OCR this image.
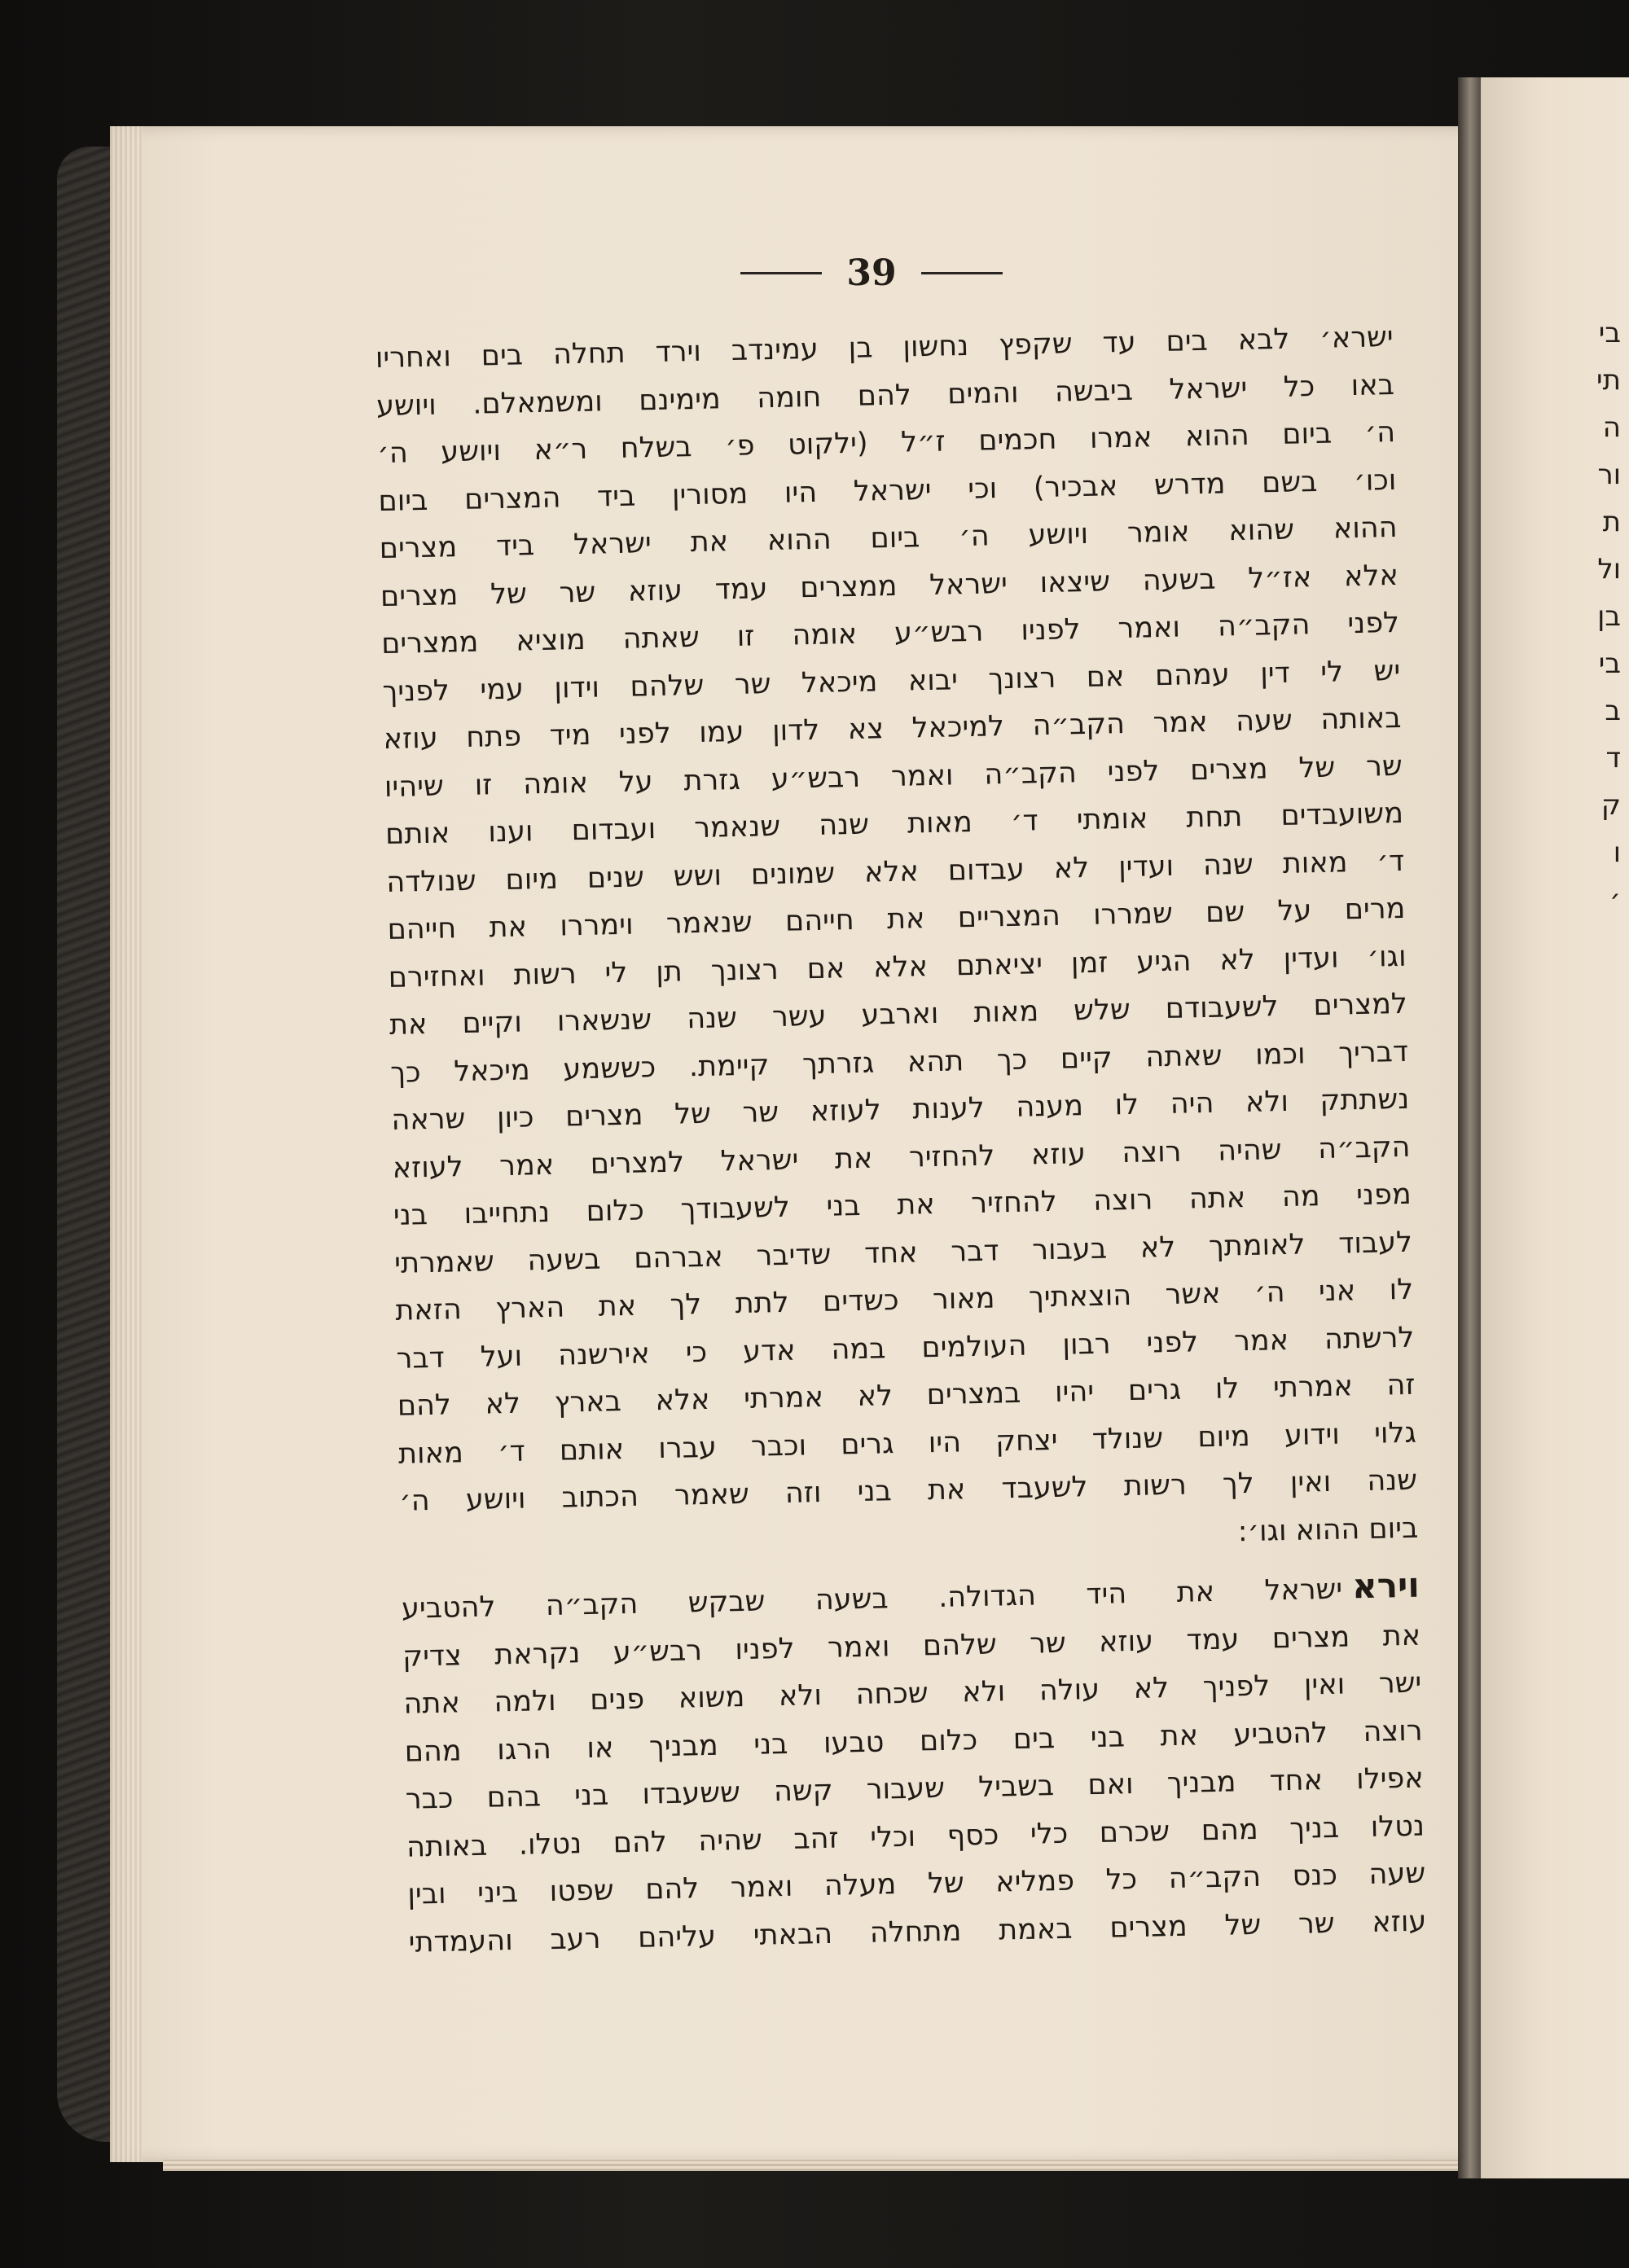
39
ישרא׳ לבא בים עד שקפץ נחשון בן עמינדב וירד תחלה בים ואחריו
באו כל ישראל ביבשה והמים להם חומה מימינם ומשמאלם. ויושע
ה׳ ביום ההוא אמרו חכמים ז״ל (ילקוט פ׳ בשלח ר״א ויושע ה׳
וכו׳ בשם מדרש אבכיר) וכי ישראל היו מסורין ביד המצרים ביום
ההוא שהוא אומר ויושע ה׳ ביום ההוא את ישראל ביד מצרים
אלא אז״ל בשעה שיצאו ישראל ממצרים עמד עוזא שר של מצרים
לפני הקב״ה ואמר לפניו רבש״ע אומה זו שאתה מוציא ממצרים
יש לי דין עמהם אם רצונך יבוא מיכאל שר שלהם וידון עמי לפניך
באותה שעה אמר הקב״ה למיכאל צא לדון עמו לפני מיד פתח עוזא
שר של מצרים לפני הקב״ה ואמר רבש״ע גזרת על אומה זו שיהיו
משועבדים תחת אומתי ד׳ מאות שנה שנאמר ועבדום וענו אותם
ד׳ מאות שנה ועדין לא עבדום אלא שמונים ושש שנים מיום שנולדה
מרים על שם שמררו המצריים את חייהם שנאמר וימררו את חייהם
וגו׳ ועדין לא הגיע זמן יציאתם אלא אם רצונך תן לי רשות ואחזירם
למצרים לשעבודם שלש מאות וארבע עשר שנה שנשארו וקיים את
דבריך וכמו שאתה קיים כך תהא גזרתך קיימת. כששמע מיכאל כך
נשתתק ולא היה לו מענה לענות לעוזא שר של מצרים כיון שראה
הקב״ה שהיה רוצה עוזא להחזיר את ישראל למצרים אמר לעוזא
מפני מה אתה רוצה להחזיר את בני לשעבודך כלום נתחייבו בני
לעבוד לאומתך לא בעבור דבר אחד שדיבר אברהם בשעה שאמרתי
לו אני ה׳ אשר הוצאתיך מאור כשדים לתת לך את הארץ הזאת
לרשתה אמר לפני רבון העולמים במה אדע כי אירשנה ועל דבר
זה אמרתי לו גרים יהיו במצרים לא אמרתי אלא בארץ לא להם
גלוי וידוע מיום שנולד יצחק היו גרים וכבר עברו אותם ד׳ מאות
שנה ואין לך רשות לשעבד את בני וזה שאמר הכתוב ויושע ה׳
ביום ההוא וגו׳:
ויראישראל את היד הגדולה. בשעה שבקש הקב״ה להטביע
את מצרים עמד עוזא שר שלהם ואמר לפניו רבש״ע נקראת צדיק
ישר ואין לפניך לא עולה ולא שכחה ולא משוא פנים ולמה אתה
רוצה להטביע את בני בים כלום טבעו בני מבניך או הרגו מהם
אפילו אחד מבניך ואם בשביל שעבור קשה ששעבדו בני בהם כבר
נטלו בניך מהם שכרם כלי כסף וכלי זהב שהיה להם נטלו. באותה
שעה כנס הקב״ה כל פמליא של מעלה ואמר להם שפטו ביני ובין
עוזא שר של מצרים באמת מתחלה הבאתי עליהם רעב והעמדתי
בי
תי
ה
ור
ת
ול
בן
בי
ב
ד
ק
ו
׳
